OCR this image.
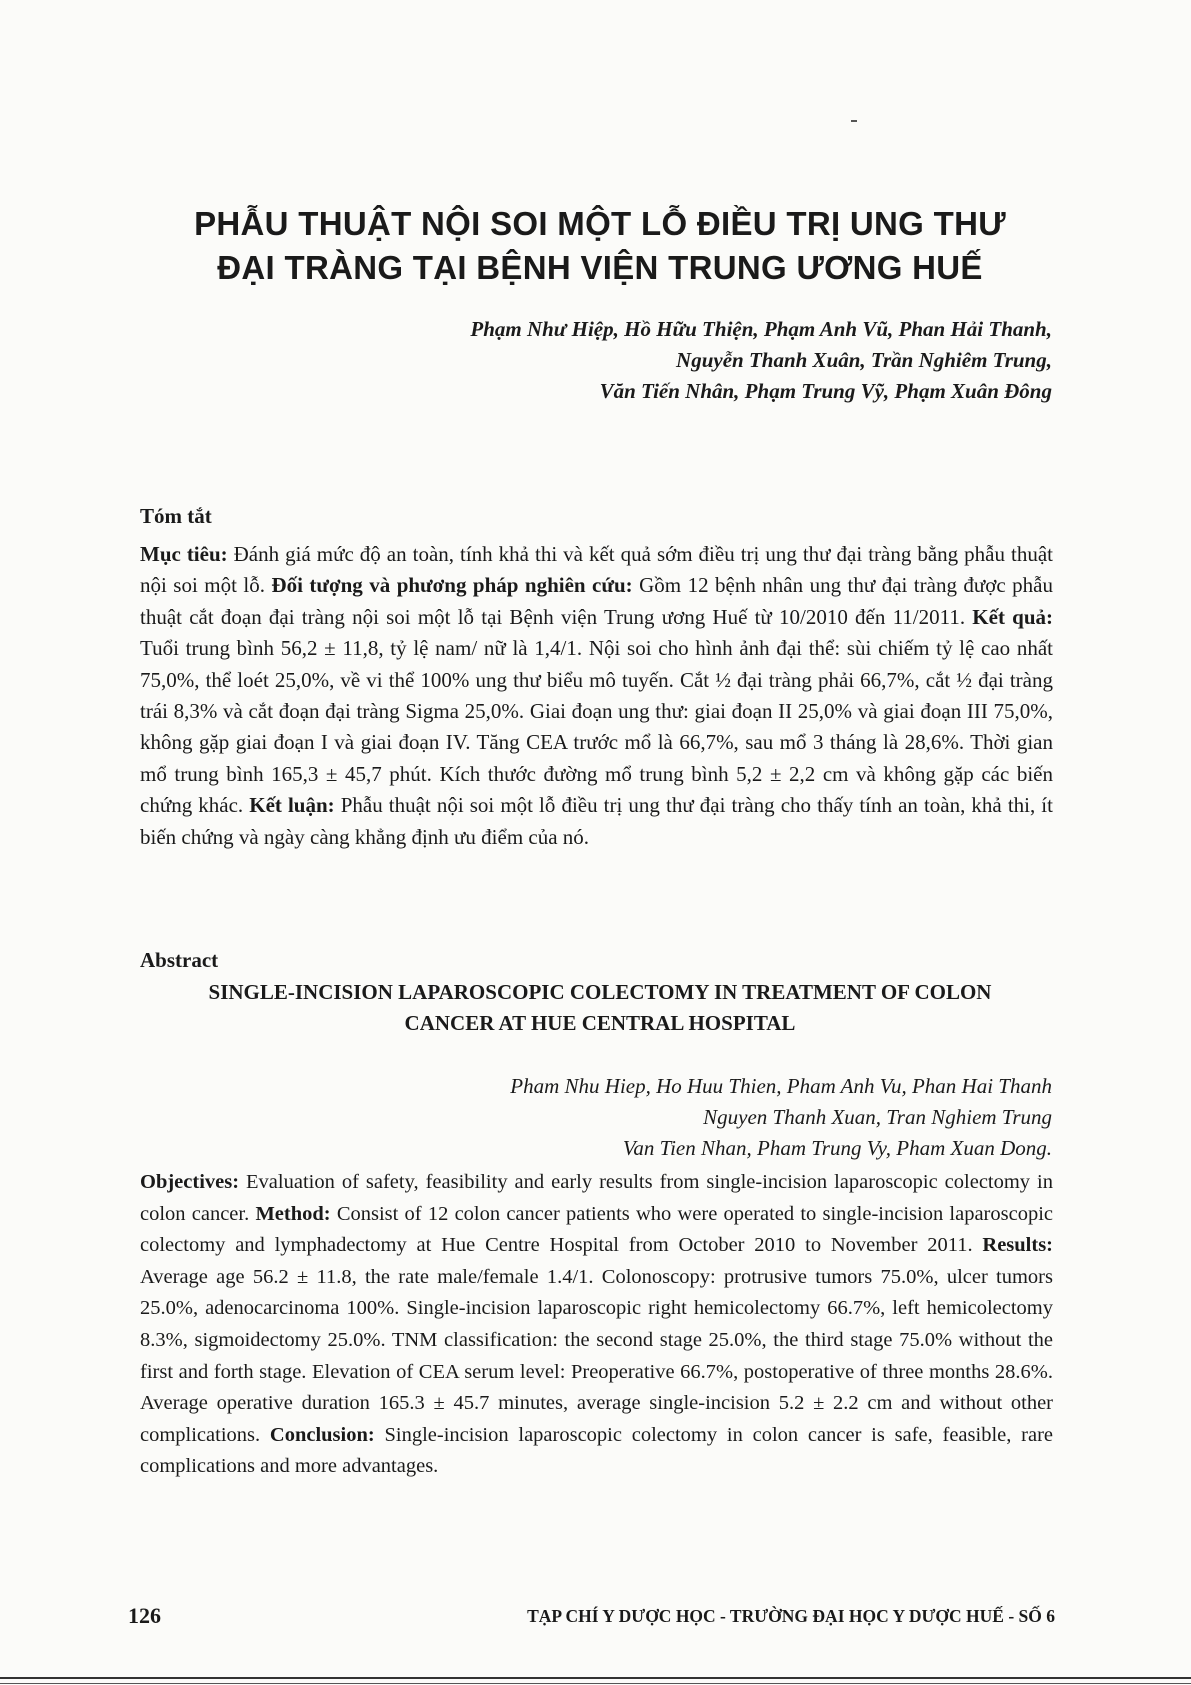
PHẪU THUẬT NỘI SOI MỘT LỖ ĐIỀU TRỊ UNG THƯ
ĐẠI TRÀNG TẠI BỆNH VIỆN TRUNG ƯƠNG HUẾ
Phạm Như Hiệp, Hồ Hữu Thiện, Phạm Anh Vũ, Phan Hải Thanh,
Nguyễn Thanh Xuân, Trần Nghiêm Trung,
Văn Tiến Nhân, Phạm Trung Vỹ, Phạm Xuân Đông
Tóm tắt
Mục tiêu: Đánh giá mức độ an toàn, tính khả thi và kết quả sớm điều trị ung thư đại tràng bằng phẫu thuật nội soi một lỗ. Đối tượng và phương pháp nghiên cứu: Gồm 12 bệnh nhân ung thư đại tràng được phẫu thuật cắt đoạn đại tràng nội soi một lỗ tại Bệnh viện Trung ương Huế từ 10/2010 đến 11/2011. Kết quả: Tuổi trung bình 56,2 ± 11,8, tỷ lệ nam/ nữ là 1,4/1. Nội soi cho hình ảnh đại thể: sùi chiếm tỷ lệ cao nhất 75,0%, thể loét 25,0%, về vi thể 100% ung thư biểu mô tuyến. Cắt ½ đại tràng phải 66,7%, cắt ½ đại tràng trái 8,3% và cắt đoạn đại tràng Sigma 25,0%. Giai đoạn ung thư: giai đoạn II 25,0% và giai đoạn III 75,0%, không gặp giai đoạn I và giai đoạn IV. Tăng CEA trước mổ là 66,7%, sau mổ 3 tháng là 28,6%. Thời gian mổ trung bình 165,3 ± 45,7 phút. Kích thước đường mổ trung bình 5,2 ± 2,2 cm và không gặp các biến chứng khác. Kết luận: Phẫu thuật nội soi một lỗ điều trị ung thư đại tràng cho thấy tính an toàn, khả thi, ít biến chứng và ngày càng khẳng định ưu điểm của nó.
Abstract
SINGLE-INCISION LAPAROSCOPIC COLECTOMY IN TREATMENT OF COLON
CANCER AT HUE CENTRAL HOSPITAL
Pham Nhu Hiep, Ho Huu Thien, Pham Anh Vu, Phan Hai Thanh
Nguyen Thanh Xuan, Tran Nghiem Trung
Van Tien Nhan, Pham Trung Vy, Pham Xuan Dong.
Objectives: Evaluation of safety, feasibility and early results from single-incision laparoscopic colectomy in colon cancer. Method: Consist of 12 colon cancer patients who were operated to single-incision laparoscopic colectomy and lymphadectomy at Hue Centre Hospital from October 2010 to November 2011. Results: Average age 56.2 ± 11.8, the rate male/female 1.4/1. Colonoscopy: protrusive tumors 75.0%, ulcer tumors 25.0%, adenocarcinoma 100%. Single-incision laparoscopic right hemicolectomy 66.7%, left hemicolectomy 8.3%, sigmoidectomy 25.0%. TNM classification: the second stage 25.0%, the third stage 75.0% without the first and forth stage. Elevation of CEA serum level: Preoperative 66.7%, postoperative of three months 28.6%. Average operative duration 165.3 ± 45.7 minutes, average single-incision 5.2 ± 2.2 cm and without other complications. Conclusion: Single-incision laparoscopic colectomy in colon cancer is safe, feasible, rare complications and more advantages.
126	TẠP CHÍ Y DƯỢC HỌC - TRƯỜNG ĐẠI HỌC Y DƯỢC HUẾ - SỐ 6
